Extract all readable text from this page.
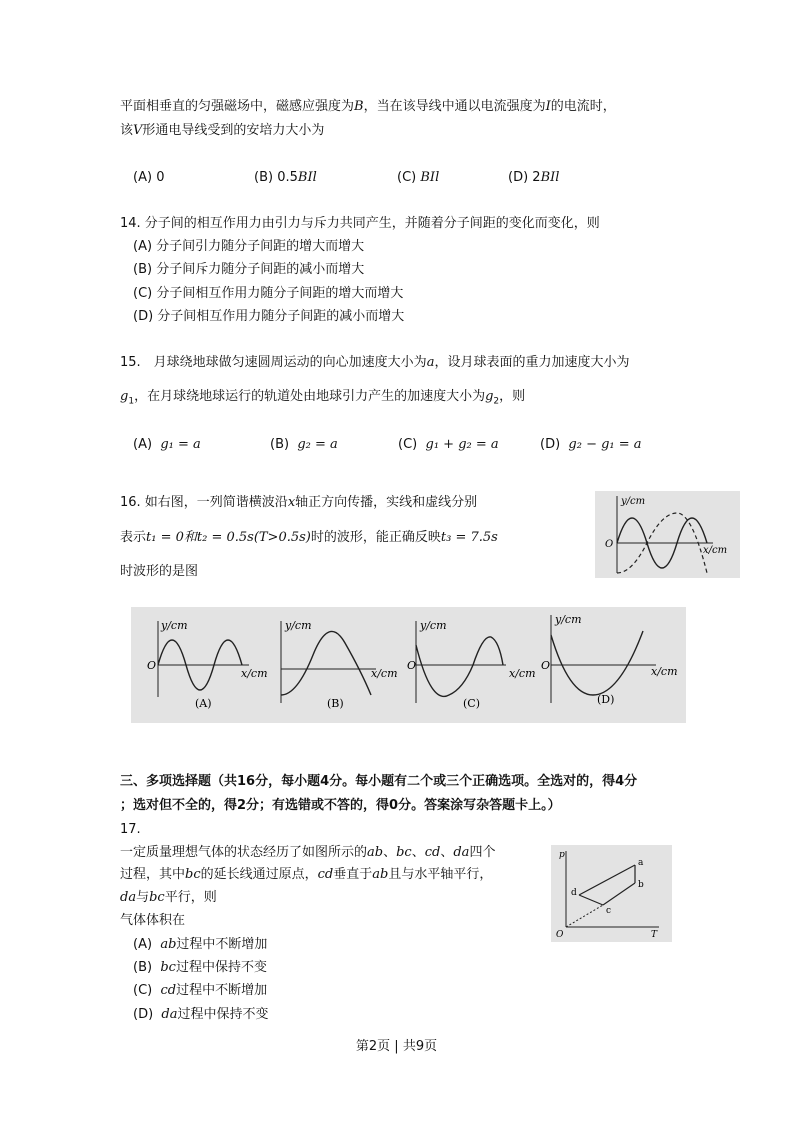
平面相垂直的匀强磁场中，磁感应强度为B，当在该导线中通以电流强度为I的电流时，
该V形通电导线受到的安培力大小为
(A) 0	(B) 0.5BIl	(C) BIl	(D) 2BIl
14. 分子间的相互作用力由引力与斥力共同产生，并随着分子间距的变化而变化，则
(A) 分子间引力随分子间距的增大而增大
(B) 分子间斥力随分子间距的减小而增大
(C) 分子间相互作用力随分子间距的增大而增大
(D) 分子间相互作用力随分子间距的减小而增大
15.　月球绕地球做匀速圆周运动的向心加速度大小为a，设月球表面的重力加速度大小为
$g_1$，在月球绕地球运行的轨道处由地球引力产生的加速度大小为$g_2$，则
(A) g₁ = a	(B) g₂ = a	(C) g₁ + g₂ = a	(D) g₂ − g₁ = a
16. 如右图，一列简谐横波沿x轴正方向传播，实线和虚线分别
表示t₁ = 0和t₂ = 0.5s(T>0.5s)时的波形，能正确反映t₃ = 7.5s
时波形的是图
y/cm
x/cm
O
y/cm
x/cm
O
(A)
y/cm
x/cm
(B)
y/cm
x/cm
O
(C)
y/cm
x/cm
O
(D)
三、多项选择题（共16分，每小题4分。每小题有二个或三个正确选项。全选对的，得4分
；选对但不全的，得2分；有选错或不答的，得0分。答案涂写杂答题卡上。）
17.
一定质量理想气体的状态经历了如图所示的ab、bc、cd、da四个
过程，其中bc的延长线通过原点，cd垂直于ab且与水平轴平行，
da与bc平行，则
气体体积在
(A) ab过程中不断增加
(B) bc过程中保持不变
(C) cd过程中不断增加
(D) da过程中保持不变
p
T
O
a
b
c
d
第2页 | 共9页
